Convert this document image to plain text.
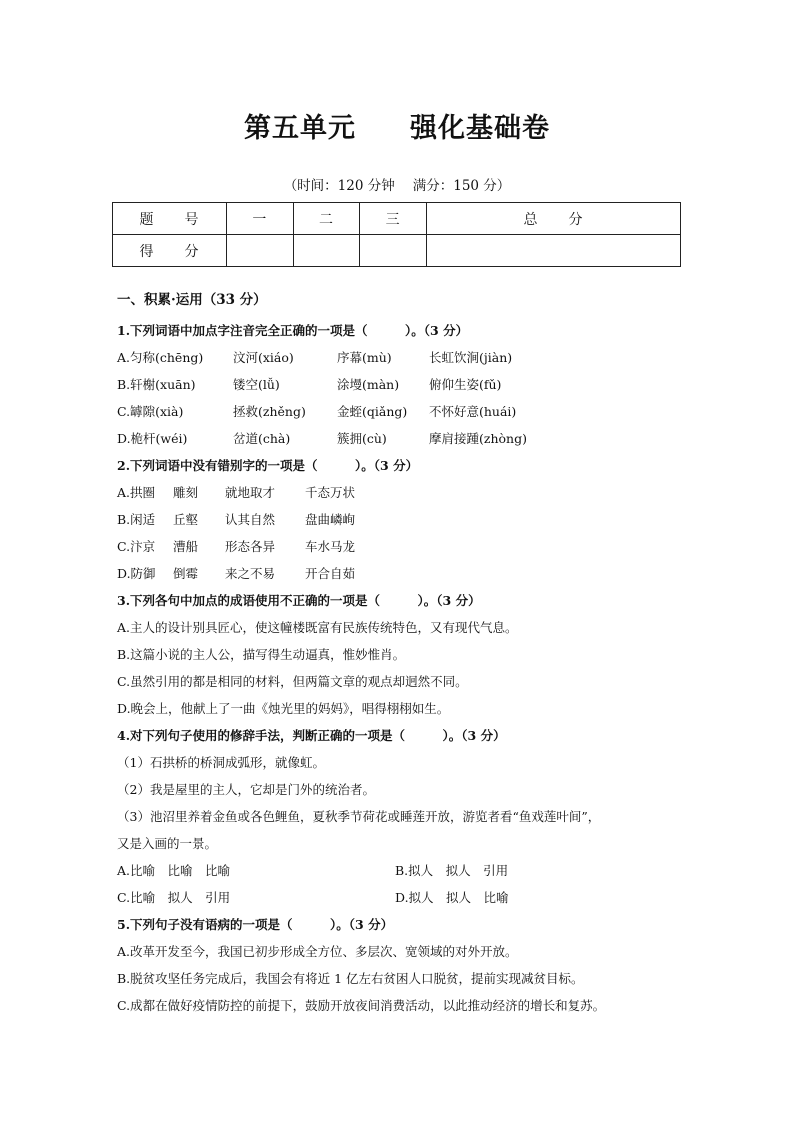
第五单元 强化基础卷
（时间：120 分钟 满分：150 分）
题　　号	一	二	三	总　　分
得　　分				
一、积累·运用（33 分）
1.下列词语中加点字注音完全正确的一项是（　　　）。（3 分）
A.匀称(chēng) 汶河(xiáo)	序幕(mù)	长虹饮涧(jiàn)
B.轩榭(xuān)	镂空(lǚ)	涂墁(màn) 俯仰生姿(fǔ)
C.罅隙(xià)	拯救(zhěng) 金蛭(qiǎng) 不怀好意(huái)
D.桅杆(wéi)	岔道(chà)	簇拥(cù)	摩肩接踵(zhòng)
2.下列词语中没有错别字的一项是（　　　）。（3 分）
A.拱圈 雕刻 就地取才 千态万状
B.闲适 丘壑 认其自然 盘曲嶙峋
C.汴京 漕船 形态各异 车水马龙
D.防御 倒霉 来之不易 开合自茹
3.下列各句中加点的成语使用不正确的一项是（　　　）。（3 分）
A.主人的设计别具匠心，使这幢楼既富有民族传统特色，又有现代气息。
B.这篇小说的主人公，描写得生动逼真，惟妙惟肖。
C.虽然引用的都是相同的材料，但两篇文章的观点却迥然不同。
D.晚会上，他献上了一曲《烛光里的妈妈》，唱得栩栩如生。
4.对下列句子使用的修辞手法，判断正确的一项是（　　　）。（3 分）
（1）石拱桥的桥洞成弧形，就像虹。
（2）我是屋里的主人，它却是门外的统治者。
（3）池沼里养着金鱼或各色鲤鱼，夏秋季节荷花或睡莲开放，游览者看“鱼戏莲叶间”，
又是入画的一景。
A.比喻　比喻　比喻	B.拟人　拟人　引用
C.比喻　拟人　引用	D.拟人　拟人　比喻
5.下列句子没有语病的一项是（　　　）。（3 分）
A.改革开发至今，我国已初步形成全方位、多层次、宽领域的对外开放。
B.脱贫攻坚任务完成后，我国会有将近 1 亿左右贫困人口脱贫，提前实现减贫目标。
C.成都在做好疫情防控的前提下，鼓励开放夜间消费活动，以此推动经济的增长和复苏。
